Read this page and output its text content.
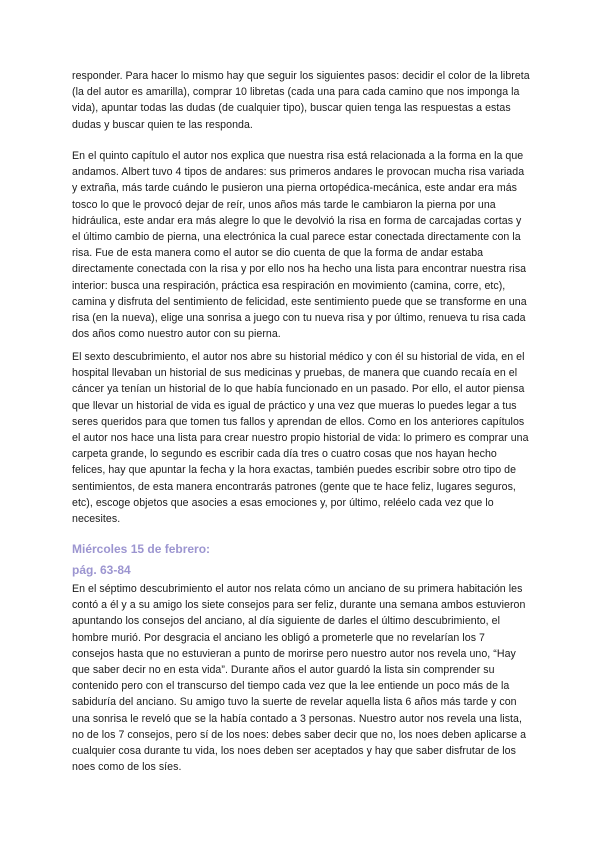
responder. Para hacer lo mismo hay que seguir los siguientes pasos: decidir el color de la libreta (la del autor es amarilla), comprar 10 libretas (cada una para cada camino que nos imponga la vida), apuntar todas las dudas (de cualquier tipo), buscar quien tenga las respuestas a estas dudas y buscar quien te las responda.

En el quinto capítulo el autor nos explica que nuestra risa está relacionada a la forma en la que andamos. Albert tuvo 4 tipos de andares: sus primeros andares le provocan mucha risa variada y extraña, más tarde cuándo le pusieron una pierna ortopédica-mecánica, este andar era más tosco lo que le provocó dejar de reír, unos años más tarde le cambiaron la pierna por una hidráulica, este andar era más alegre lo que le devolvió la risa en forma de carcajadas cortas y el último cambio de pierna, una electrónica la cual parece estar conectada directamente con la risa. Fue de esta manera como el autor se dio cuenta de que la forma de andar estaba directamente conectada con la risa y por ello nos ha hecho una lista para encontrar nuestra risa interior: busca una respiración, práctica esa respiración en movimiento (camina, corre, etc), camina y disfruta del sentimiento de felicidad, este sentimiento puede que se transforme en una risa (en la nueva), elige una sonrisa a juego con tu nueva risa y por último, renueva tu risa cada dos años como nuestro autor con su pierna.

El sexto descubrimiento, el autor nos abre su historial médico y con él su historial de vida, en el hospital llevaban un historial de sus medicinas y pruebas, de manera que cuando recaía en el cáncer ya tenían un historial de lo que había funcionado en un pasado. Por ello, el autor piensa que llevar un historial de vida es igual de práctico y una vez que mueras lo puedes legar a tus seres queridos para que tomen tus fallos y aprendan de ellos. Como en los anteriores capítulos el autor nos hace una lista para crear nuestro propio historial de vida: lo primero es comprar una carpeta grande, lo segundo es escribir cada día tres o cuatro cosas que nos hayan hecho felices, hay que apuntar la fecha y la hora exactas, también puedes escribir sobre otro tipo de sentimientos, de esta manera encontrarás patrones (gente que te hace feliz, lugares seguros, etc), escoge objetos que asocies a esas emociones y, por último, reléelo cada vez que lo necesites.

Miércoles 15 de febrero:

pág. 63-84

En el séptimo descubrimiento el autor nos relata cómo un anciano de su primera habitación les contó a él y a su amigo los siete consejos para ser feliz, durante una semana ambos estuvieron apuntando los consejos del anciano, al día siguiente de darles el último descubrimiento, el hombre murió. Por desgracia el anciano les obligó a prometerle que no revelarían los 7 consejos hasta que no estuvieran a punto de morirse pero nuestro autor nos revela uno, “Hay que saber decir no en esta vida”. Durante años el autor guardó la lista sin comprender su contenido pero con el transcurso del tiempo cada vez que la lee entiende un poco más de la sabiduría del anciano. Su amigo tuvo la suerte de revelar aquella lista 6 años más tarde y con una sonrisa le reveló que se la había contado a 3 personas. Nuestro autor nos revela una lista, no de los 7 consejos, pero sí de los noes: debes saber decir que no, los noes deben aplicarse a cualquier cosa durante tu vida, los noes deben ser aceptados y hay que saber disfrutar de los noes como de los síes.
